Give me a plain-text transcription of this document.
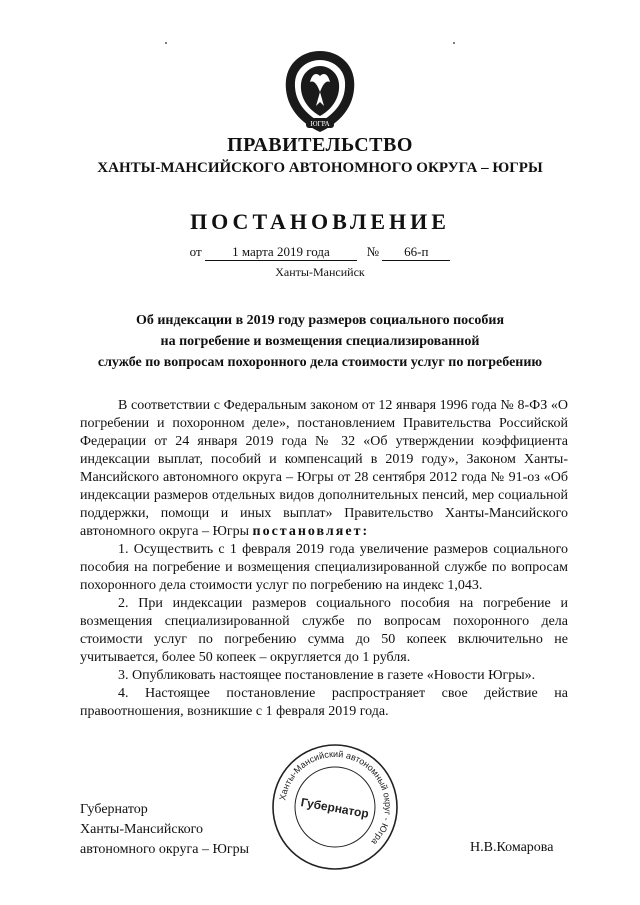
ЮГРА
ПРАВИТЕЛЬСТВО
ХАНТЫ-МАНСИЙСКОГО АВТОНОМНОГО ОКРУГА – ЮГРЫ
ПОСТАНОВЛЕНИЕ
от 1 марта 2019 года	№ 66-п
Ханты-Мансийск
Об индексации в 2019 году размеров социального пособия
на погребение и возмещения специализированной
службе по вопросам похоронного дела стоимости услуг по погребению

В соответствии с Федеральным законом от 12 января 1996 года № 8-ФЗ «О погребении и похоронном деле», постановлением Правительства Российской Федерации от 24 января 2019 года № 32 «Об утверждении коэффициента индексации выплат, пособий и компенсаций в 2019 году», Законом Ханты-Мансийского автономного округа – Югры от 28 сентября 2012 года № 91-оз «Об индексации размеров отдельных видов дополнительных пенсий, мер социальной поддержки, помощи и иных выплат» Правительство Ханты-Мансийского автономного округа – Югры постановляет:

1. Осуществить с 1 февраля 2019 года увеличение размеров социального пособия на погребение и возмещения специализированной службе по вопросам похоронного дела стоимости услуг по погребению на индекс 1,043.

2. При индексации размеров социального пособия на погребение и возмещения специализированной службе по вопросам похоронного дела стоимости услуг по погребению сумма до 50 копеек включительно не учитывается, более 50 копеек – округляется до 1 рубля.

3. Опубликовать настоящее постановление в газете «Новости Югры».

4. Настоящее постановление распространяет свое действие на правоотношения, возникшие с 1 февраля 2019 года.

Губернатор
Ханты-Мансийского
автономного округа – Югры
Ханты-Мансийский автономный округ - Югра
Губернатор
Н.В.Комарова
